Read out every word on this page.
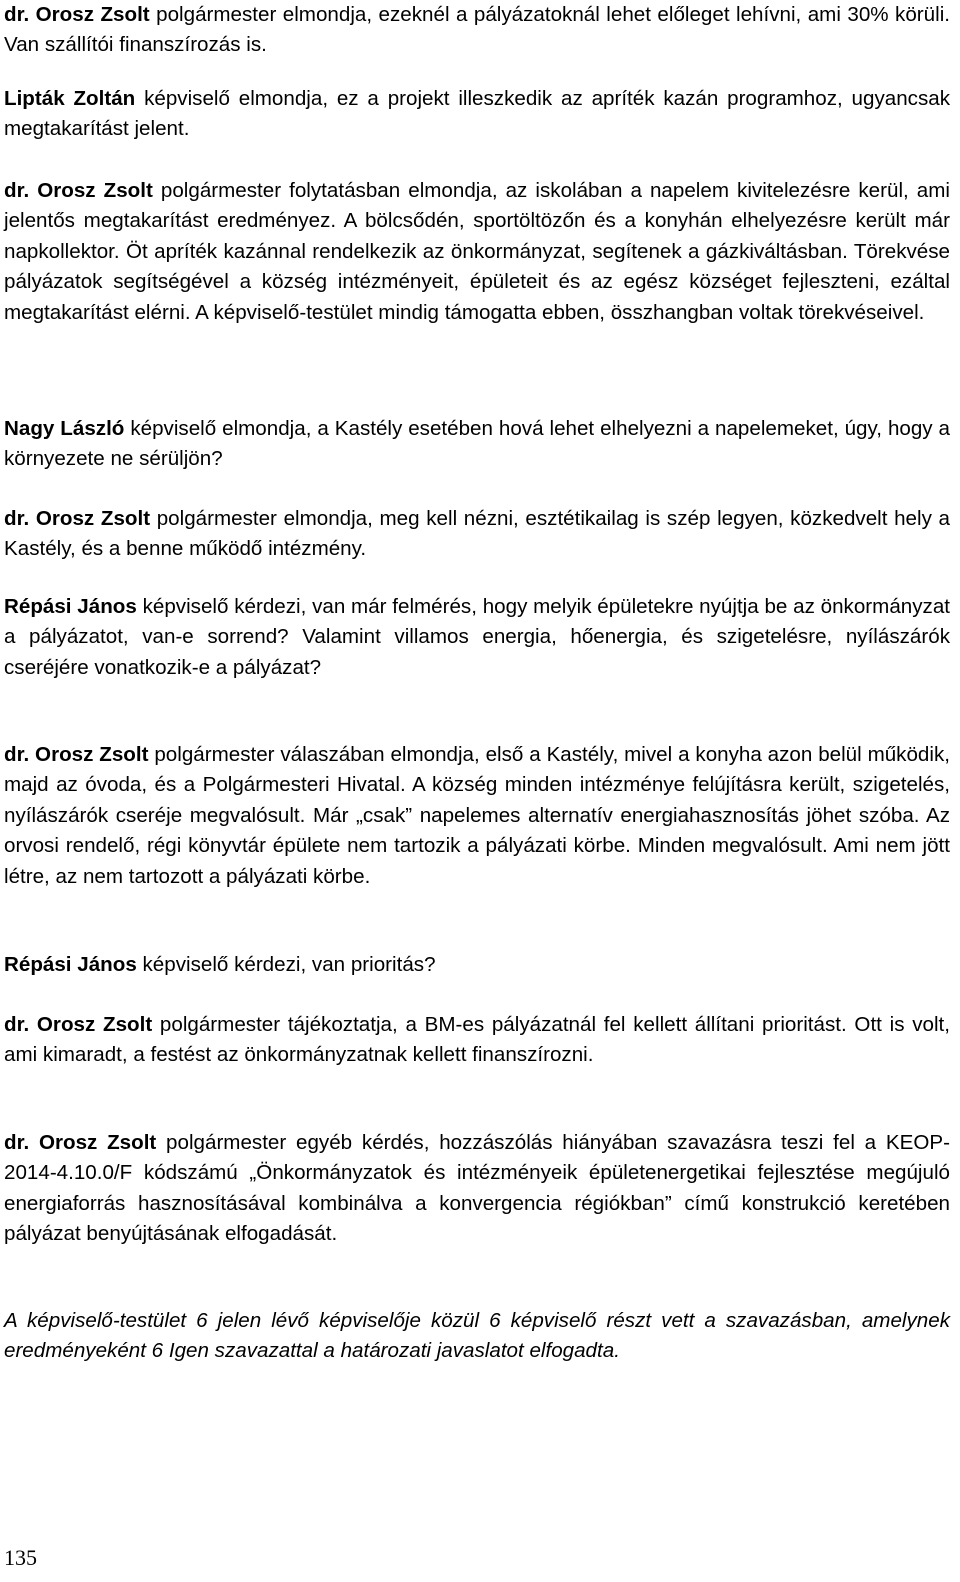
dr. Orosz Zsolt polgármester elmondja, ezeknél a pályázatoknál lehet előleget lehívni, ami 30% körüli. Van szállítói finanszírozás is.

Lipták Zoltán képviselő elmondja, ez a projekt illeszkedik az apríték kazán programhoz, ugyancsak megtakarítást jelent.

dr. Orosz Zsolt polgármester folytatásban elmondja, az iskolában a napelem kivitelezésre kerül, ami jelentős megtakarítást eredményez. A bölcsődén, sportöltözőn és a konyhán elhelyezésre került már napkollektor. Öt apríték kazánnal rendelkezik az önkormányzat, segítenek a gázkiváltásban. Törekvése pályázatok segítségével a község intézményeit, épületeit és az egész községet fejleszteni, ezáltal megtakarítást elérni. A képviselő-testület mindig támogatta ebben, összhangban voltak törekvéseivel.

Nagy László képviselő elmondja, a Kastély esetében hová lehet elhelyezni a napelemeket, úgy, hogy a környezete ne sérüljön?

dr. Orosz Zsolt polgármester elmondja, meg kell nézni, esztétikailag is szép legyen, közkedvelt hely a Kastély, és a benne működő intézmény.

Répási János képviselő kérdezi, van már felmérés, hogy melyik épületekre nyújtja be az önkormányzat a pályázatot, van-e sorrend? Valamint villamos energia, hőenergia, és szigetelésre, nyílászárók cseréjére vonatkozik-e a pályázat?

dr. Orosz Zsolt polgármester válaszában elmondja, első a Kastély, mivel a konyha azon belül működik, majd az óvoda, és a Polgármesteri Hivatal. A község minden intézménye felújításra került, szigetelés, nyílászárók cseréje megvalósult. Már „csak” napelemes alternatív energiahasznosítás jöhet szóba. Az orvosi rendelő, régi könyvtár épülete nem tartozik a pályázati körbe. Minden megvalósult. Ami nem jött létre, az nem tartozott a pályázati körbe.

Répási János képviselő kérdezi, van prioritás?

dr. Orosz Zsolt polgármester tájékoztatja, a BM-es pályázatnál fel kellett állítani prioritást. Ott is volt, ami kimaradt, a festést az önkormányzatnak kellett finanszírozni.

dr. Orosz Zsolt polgármester egyéb kérdés, hozzászólás hiányában szavazásra teszi fel a KEOP-2014-4.10.0/F kódszámú „Önkormányzatok és intézményeik épületenergetikai fejlesztése megújuló energiaforrás hasznosításával kombinálva a konvergencia régiókban” című konstrukció keretében pályázat benyújtásának elfogadását.

A képviselő-testület 6 jelen lévő képviselője közül 6 képviselő részt vett a szavazásban, amelynek eredményeként 6 Igen szavazattal a határozati javaslatot elfogadta.

135
